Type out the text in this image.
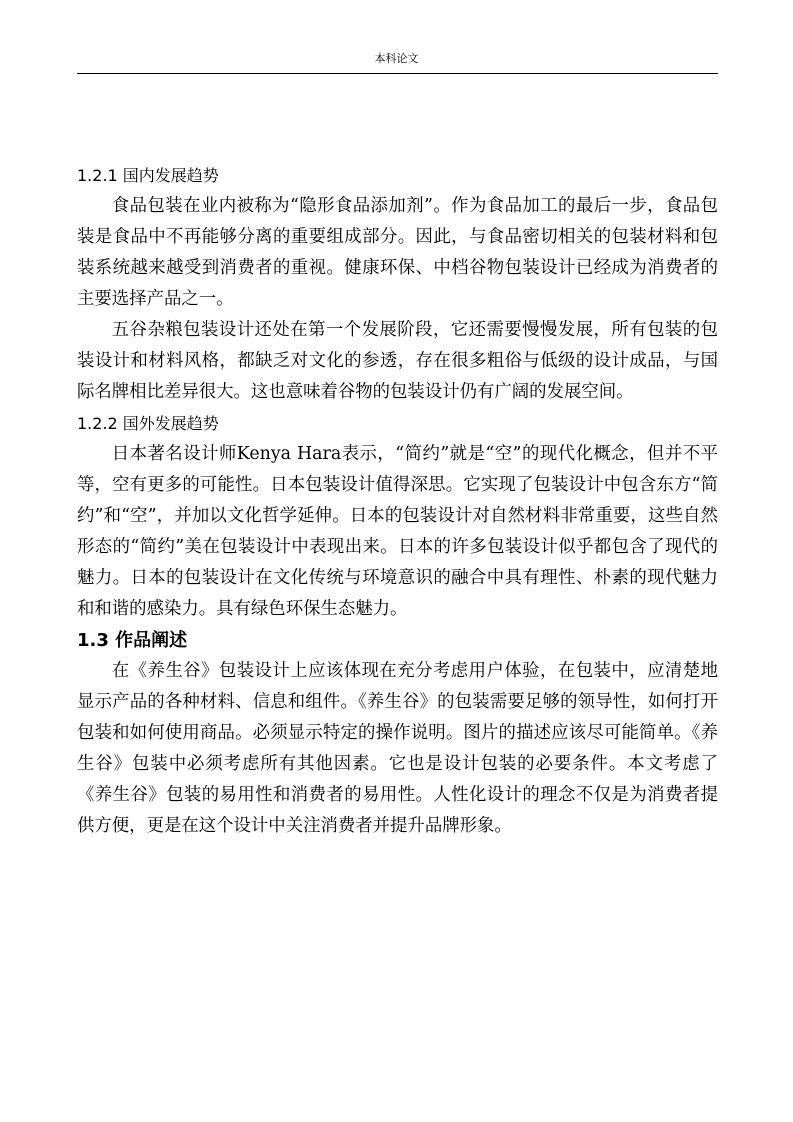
本科论文
1.2.1 国内发展趋势

食品包装在业内被称为“隐形食品添加剂”。作为食品加工的最后一步，食品包装是食品中不再能够分离的重要组成部分。因此，与食品密切相关的包装材料和包装系统越来越受到消费者的重视。健康环保、中档谷物包装设计已经成为消费者的主要选择产品之一。

五谷杂粮包装设计还处在第一个发展阶段，它还需要慢慢发展，所有包装的包装设计和材料风格，都缺乏对文化的参透，存在很多粗俗与低级的设计成品，与国际名牌相比差异很大。这也意味着谷物的包装设计仍有广阔的发展空间。

1.2.2 国外发展趋势

日本著名设计师Kenya Hara表示，“简约”就是“空”的现代化概念，但并不平等，空有更多的可能性。日本包装设计值得深思。它实现了包装设计中包含东方“简约”和“空”，并加以文化哲学延伸。日本的包装设计对自然材料非常重要，这些自然形态的“简约”美在包装设计中表现出来。日本的许多包装设计似乎都包含了现代的魅力。日本的包装设计在文化传统与环境意识的融合中具有理性、朴素的现代魅力和和谐的感染力。具有绿色环保生态魅力。

1.3 作品阐述

在《养生谷》包装设计上应该体现在充分考虑用户体验，在包装中，应清楚地显示产品的各种材料、信息和组件。《养生谷》的包装需要足够的领导性，如何打开包装和如何使用商品。必须显示特定的操作说明。图片的描述应该尽可能简单。《养生谷》包装中必须考虑所有其他因素。它也是设计包装的必要条件。本文考虑了《养生谷》包装的易用性和消费者的易用性。人性化设计的理念不仅是为消费者提供方便，更是在这个设计中关注消费者并提升品牌形象。
